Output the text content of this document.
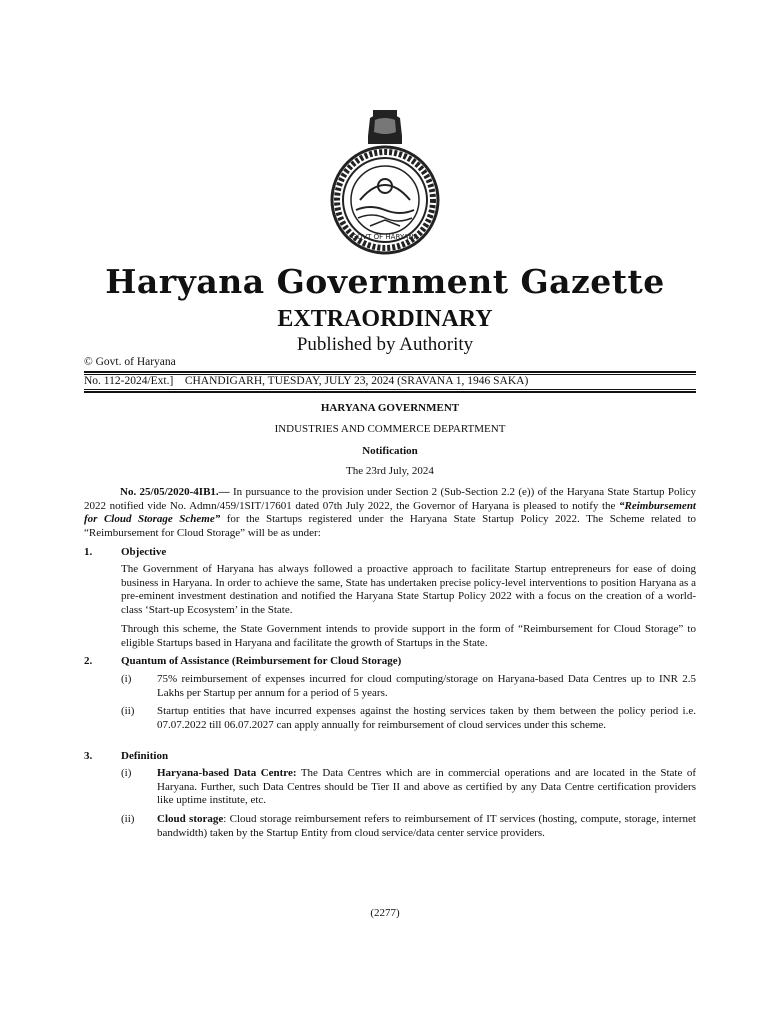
GOVT OF HARYANA
Haryana Government Gazette
EXTRAORDINARY
Published by Authority
© Govt. of Haryana
No. 112-2024/Ext.] CHANDIGARH, TUESDAY, JULY 23, 2024 (SRAVANA 1, 1946 SAKA)
HARYANA GOVERNMENT
INDUSTRIES AND COMMERCE DEPARTMENT
Notification
The 23rd July, 2024

No. 25/05/2020-4IB1.— In pursuance to the provision under Section 2 (Sub-Section 2.2 (e)) of the Haryana State Startup Policy 2022 notified vide No. Admn/459/1SIT/17601 dated 07th July 2022, the Governor of Haryana is pleased to notify the “Reimbursement for Cloud Storage Scheme” for the Startups registered under the Haryana State Startup Policy 2022. The Scheme related to “Reimbursement for Cloud Storage” will be as under:

1.	Objective
The Government of Haryana has always followed a proactive approach to facilitate Startup entrepreneurs for ease of doing business in Haryana. In order to achieve the same, State has undertaken precise policy-level interventions to position Haryana as a pre-eminent investment destination and notified the Haryana State Startup Policy 2022 with a focus on the creation of a world-class ‘Start-up Ecosystem’ in the State.
Through this scheme, the State Government intends to provide support in the form of “Reimbursement for Cloud Storage” to eligible Startups based in Haryana and facilitate the growth of Startups in the State.
2.	Quantum of Assistance (Reimbursement for Cloud Storage)
(i) 75% reimbursement of expenses incurred for cloud computing/storage on Haryana-based Data Centres up to INR 2.5 Lakhs per Startup per annum for a period of 5 years.
(ii) Startup entities that have incurred expenses against the hosting services taken by them between the policy period i.e. 07.07.2022 till 06.07.2027 can apply annually for reimbursement of cloud services under this scheme.
3.	Definition
(i) Haryana-based Data Centre: The Data Centres which are in commercial operations and are located in the State of Haryana. Further, such Data Centres should be Tier II and above as certified by any Data Centre certification providers like uptime institute, etc.
(ii) Cloud storage: Cloud storage reimbursement refers to reimbursement of IT services (hosting, compute, storage, internet bandwidth) taken by the Startup Entity from cloud service/data center service providers.
(2277)
